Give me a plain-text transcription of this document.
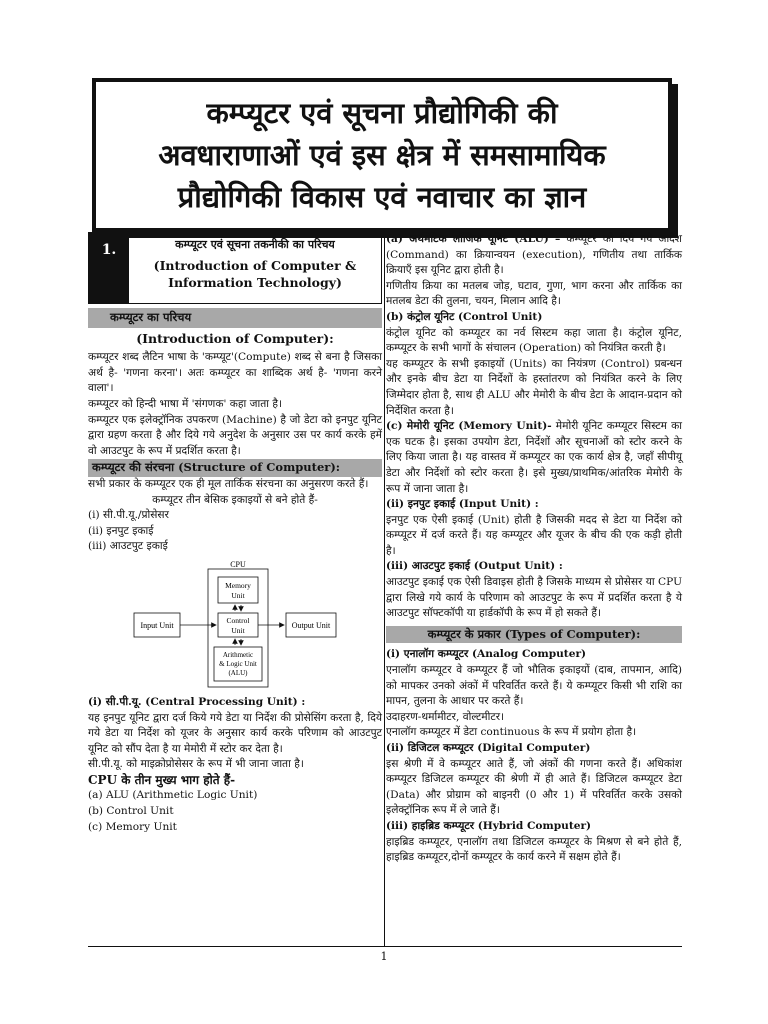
कम्प्यूटर एवं सूचना प्रौद्योगिकी की
अवधाराणाओं एवं इस क्षेत्र में समसामायिक
प्रौद्योगिकी विकास एवं नवाचार का ज्ञान
1.	कम्प्यूटर एवं सूचना तकनीकी का परिचय
(Introduction of Computer &
Information Technology)
कम्प्यूटर का परिचय
(Introduction of Computer):

कम्प्यूटर शब्द लैटिन भाषा के 'कम्प्यूट'(Compute) शब्द से बना है जिसका अर्थ है- 'गणना करना'। अतः कम्प्यूटर का शाब्दिक अर्थ है- 'गणना करने वाला'।

कम्प्यूटर को हिन्दी भाषा में 'संगणक' कहा जाता है।

कम्प्यूटर एक इलेक्ट्रॉनिक उपकरण (Machine) है जो डेटा को इनपुट यूनिट द्वारा ग्रहण करता है और दिये गये अनुदेश के अनुसार उस पर कार्य करके हमें वो आउटपुट के रूप में प्रदर्शित करता है।

कम्प्यूटर की संरचना (Structure of Computer):

सभी प्रकार के कम्प्यूटर एक ही मूल तार्किक संरचना का अनुसरण करते हैं।

कम्प्यूटर तीन बेसिक इकाइयों से बने होते हैं-

(i) सी.पी.यू./प्रोसेसर
(ii) इनपुट इकाई
(iii) आउटपुट इकाई
CPU
Memory
Unit
Control
Unit
Arithmetic
& Logic Unit
(ALU)
Input Unit	Output Unit
(i) सी.पी.यू. (Central Processing Unit) :

यह इनपुट यूनिट द्वारा दर्ज किये गये डेटा या निर्देश की प्रोसेसिंग करता है, दिये गये डेटा या निर्देश को यूजर के अनुसार कार्य करके परिणाम को आउटपुट यूनिट को सौंप देता है या मेमोरी में स्टोर कर देता है।

सी.पी.यू. को माइक्रोप्रोसेसर के रूप में भी जाना जाता है।

CPU के तीन मुख्य भाग होते हैं-
(a) ALU (Arithmetic Logic Unit)
(b) Control Unit
(c) Memory Unit

(a) अर्थमेटिक लॉजिक यूनिट (ALU) – कम्प्यूटर को दिये गये आदेश (Command) का क्रियान्वयन (execution), गणितीय तथा तार्किक क्रियाएँ इस यूनिट द्वारा होती है।

गणितीय क्रिया का मतलब जोड़, घटाव, गुणा, भाग करना और तार्किक का मतलब डेटा की तुलना, चयन, मिलान आदि है।

(b) कंट्रोल यूनिट (Control Unit)

कंट्रोल यूनिट को कम्प्यूटर का नर्व सिस्टम कहा जाता है। कंट्रोल यूनिट, कम्प्यूटर के सभी भागों के संचालन (Operation) को नियंत्रित करती है।

यह कम्प्यूटर के सभी इकाइयों (Units) का नियंत्रण (Control) प्रबन्धन और इनके बीच डेटा या निर्देशों के हस्तांतरण को नियंत्रित करने के लिए जिम्मेदार होता है, साथ ही ALU और मेमोरी के बीच डेटा के आदान-प्रदान को निर्देशित करता है।

(c) मेमोरी यूनिट (Memory Unit)- मेमोरी यूनिट कम्प्यूटर सिस्टम का एक घटक है। इसका उपयोग डेटा, निर्देशों और सूचनाओं को स्टोर करने के लिए किया जाता है। यह वास्तव में कम्प्यूटर का एक कार्य क्षेत्र है, जहाँ सीपीयू डेटा और निर्देशों को स्टोर करता है। इसे मुख्य/प्राथमिक/आंतरिक मेमोरी के रूप में जाना जाता है।

(ii) इनपुट इकाई (Input Unit) :

इनपुट एक ऐसी इकाई (Unit) होती है जिसकी मदद से डेटा या निर्देश को कम्प्यूटर में दर्ज करते हैं। यह कम्प्यूटर और यूजर के बीच की एक कड़ी होती है।

(iii) आउटपुट इकाई (Output Unit) :

आउटपुट इकाई एक ऐसी डिवाइस होती है जिसके माध्यम से प्रोसेसर या CPU द्वारा लिखे गये कार्य के परिणाम को आउटपुट के रूप में प्रदर्शित करता है ये आउटपुट सॉफ्टकॉपी या हार्डकॉपी के रूप में हो सकते हैं।

कम्प्यूटर के प्रकार (Types of Computer):
(i) एनालॉग कम्प्यूटर (Analog Computer)

एनालॉग कम्प्यूटर वे कम्प्यूटर हैं जो भौतिक इकाइयों (दाब, तापमान, आदि) को मापकर उनको अंकों में परिवर्तित करते हैं। ये कम्प्यूटर किसी भी राशि का मापन, तुलना के आधार पर करते हैं।

उदाहरण-थर्मामीटर, वोल्टमीटर।

एनालॉग कम्प्यूटर में डेटा continuous के रूप में प्रयोग होता है।

(ii) डिजिटल कम्प्यूटर (Digital Computer)

इस श्रेणी में वे कम्प्यूटर आते हैं, जो अंकों की गणना करते हैं। अधिकांश कम्प्यूटर डिजिटल कम्प्यूटर की श्रेणी में ही आते हैं। डिजिटल कम्प्यूटर डेटा (Data) और प्रोग्राम को बाइनरी (0 और 1) में परिवर्तित करके उसको इलेक्ट्रॉनिक रूप में ले जाते हैं।

(iii) हाइब्रिड कम्प्यूटर (Hybrid Computer)

हाइब्रिड कम्प्यूटर, एनालॉग तथा डिजिटल कम्प्यूटर के मिश्रण से बने होते हैं, हाइब्रिड कम्प्यूटर,दोनों कम्प्यूटर के कार्य करने में सक्षम होते हैं।

1
